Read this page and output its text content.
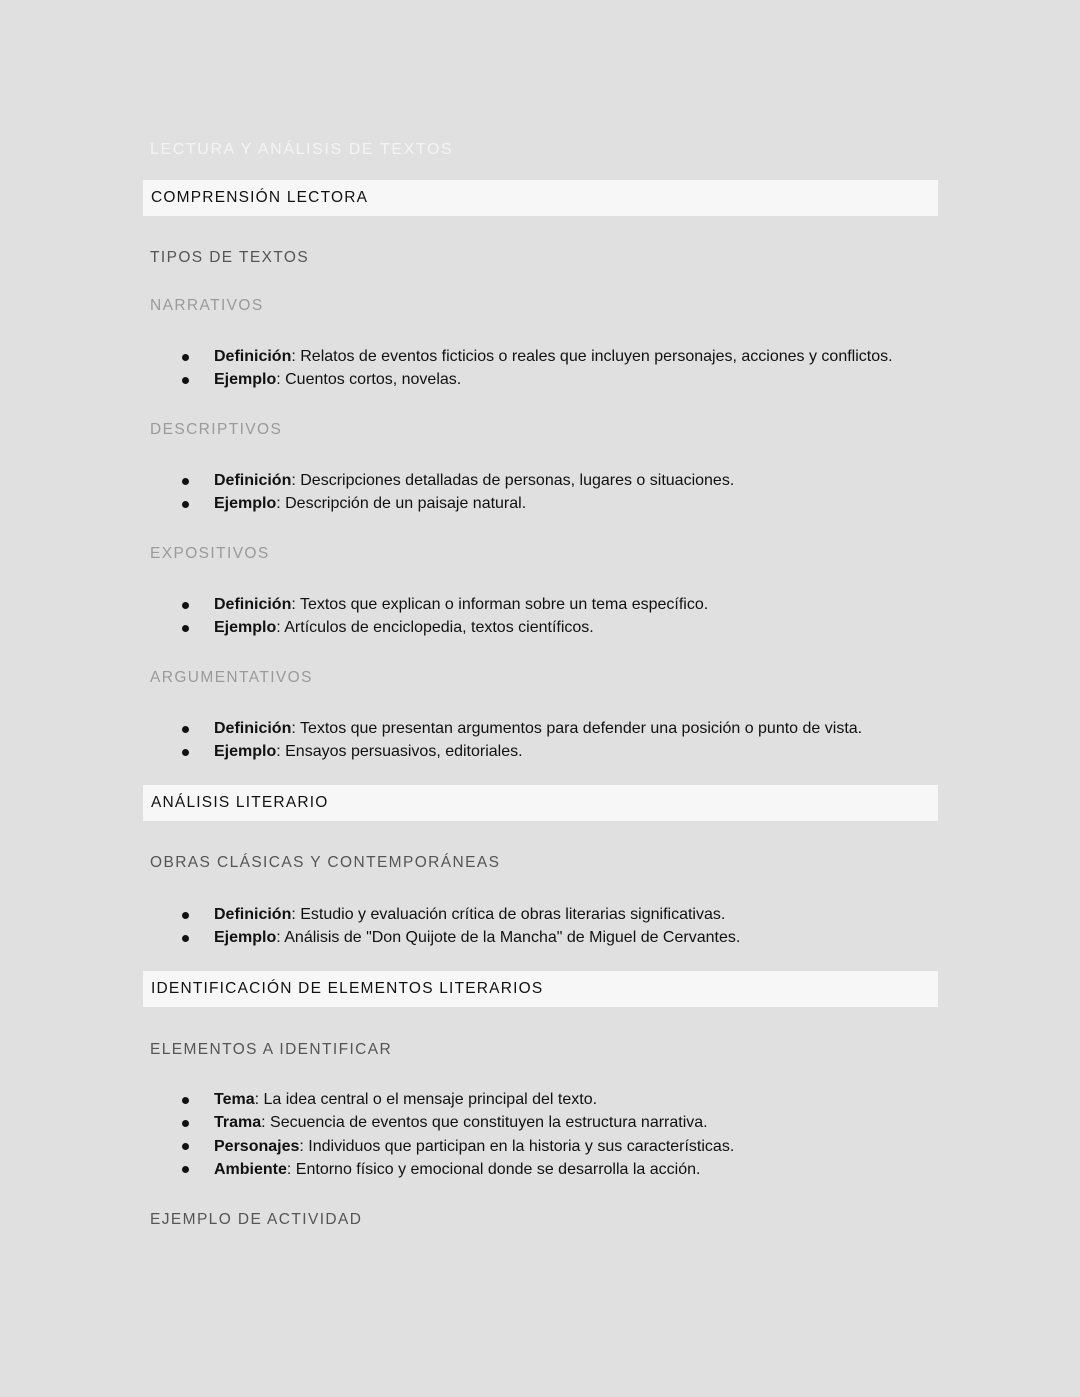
LECTURA Y ANÁLISIS DE TEXTOS
COMPRENSIÓN LECTORA
TIPOS DE TEXTOS
NARRATIVOS
Definición: Relatos de eventos ficticios o reales que incluyen personajes, acciones y conflictos.
Ejemplo: Cuentos cortos, novelas.
DESCRIPTIVOS
Definición: Descripciones detalladas de personas, lugares o situaciones.
Ejemplo: Descripción de un paisaje natural.
EXPOSITIVOS
Definición: Textos que explican o informan sobre un tema específico.
Ejemplo: Artículos de enciclopedia, textos científicos.
ARGUMENTATIVOS
Definición: Textos que presentan argumentos para defender una posición o punto de vista.
Ejemplo: Ensayos persuasivos, editoriales.
ANÁLISIS LITERARIO
OBRAS CLÁSICAS Y CONTEMPORÁNEAS
Definición: Estudio y evaluación crítica de obras literarias significativas.
Ejemplo: Análisis de "Don Quijote de la Mancha" de Miguel de Cervantes.
IDENTIFICACIÓN DE ELEMENTOS LITERARIOS
ELEMENTOS A IDENTIFICAR
Tema: La idea central o el mensaje principal del texto.
Trama: Secuencia de eventos que constituyen la estructura narrativa.
Personajes: Individuos que participan en la historia y sus características.
Ambiente: Entorno físico y emocional donde se desarrolla la acción.
EJEMPLO DE ACTIVIDAD
